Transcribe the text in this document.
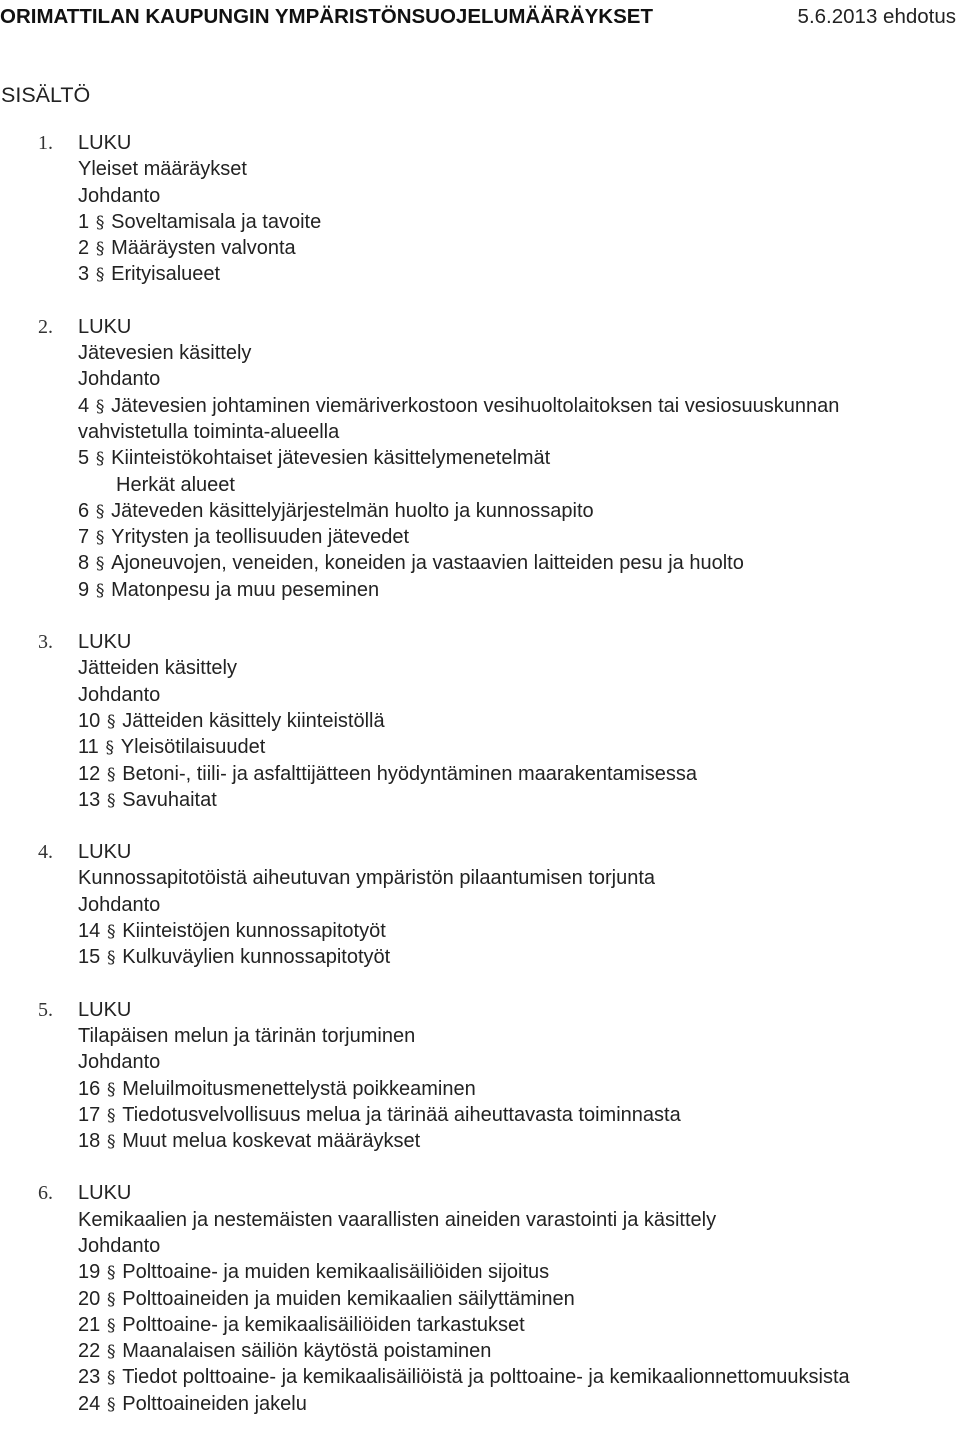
ORIMATTILAN KAUPUNGIN YMPÄRISTÖNSUOJELUMÄÄRÄYKSET	5.6.2013 ehdotus
SISÄLTÖ
1. LUKU
Yleiset määräykset
Johdanto
1 § Soveltamisala ja tavoite
2 § Määräysten valvonta
3 § Erityisalueet
2. LUKU
Jätevesien käsittely
Johdanto
4 § Jätevesien johtaminen viemäriverkostoon vesihuoltolaitoksen tai vesiosuuskunnan
vahvistetulla toiminta-alueella
5 § Kiinteistökohtaiset jätevesien käsittelymenetelmät
Herkät alueet
6 § Jäteveden käsittelyjärjestelmän huolto ja kunnossapito
7 § Yritysten ja teollisuuden jätevedet
8 § Ajoneuvojen, veneiden, koneiden ja vastaavien laitteiden pesu ja huolto
9 § Matonpesu ja muu peseminen
3. LUKU
Jätteiden käsittely
Johdanto
10 § Jätteiden käsittely kiinteistöllä
11 § Yleisötilaisuudet
12 § Betoni-, tiili- ja asfalttijätteen hyödyntäminen maarakentamisessa
13 § Savuhaitat
4. LUKU
Kunnossapitotöistä aiheutuvan ympäristön pilaantumisen torjunta
Johdanto
14 § Kiinteistöjen kunnossapitotyöt
15 § Kulkuväylien kunnossapitotyöt
5. LUKU
Tilapäisen melun ja tärinän torjuminen
Johdanto
16 § Meluilmoitusmenettelystä poikkeaminen
17 § Tiedotusvelvollisuus melua ja tärinää aiheuttavasta toiminnasta
18 § Muut melua koskevat määräykset
6. LUKU
Kemikaalien ja nestemäisten vaarallisten aineiden varastointi ja käsittely
Johdanto
19 § Polttoaine- ja muiden kemikaalisäiliöiden sijoitus
20 § Polttoaineiden ja muiden kemikaalien säilyttäminen
21 § Polttoaine- ja kemikaalisäiliöiden tarkastukset
22 § Maanalaisen säiliön käytöstä poistaminen
23 § Tiedot polttoaine- ja kemikaalisäiliöistä ja polttoaine- ja kemikaalionnettomuuksista
24 § Polttoaineiden jakelu
